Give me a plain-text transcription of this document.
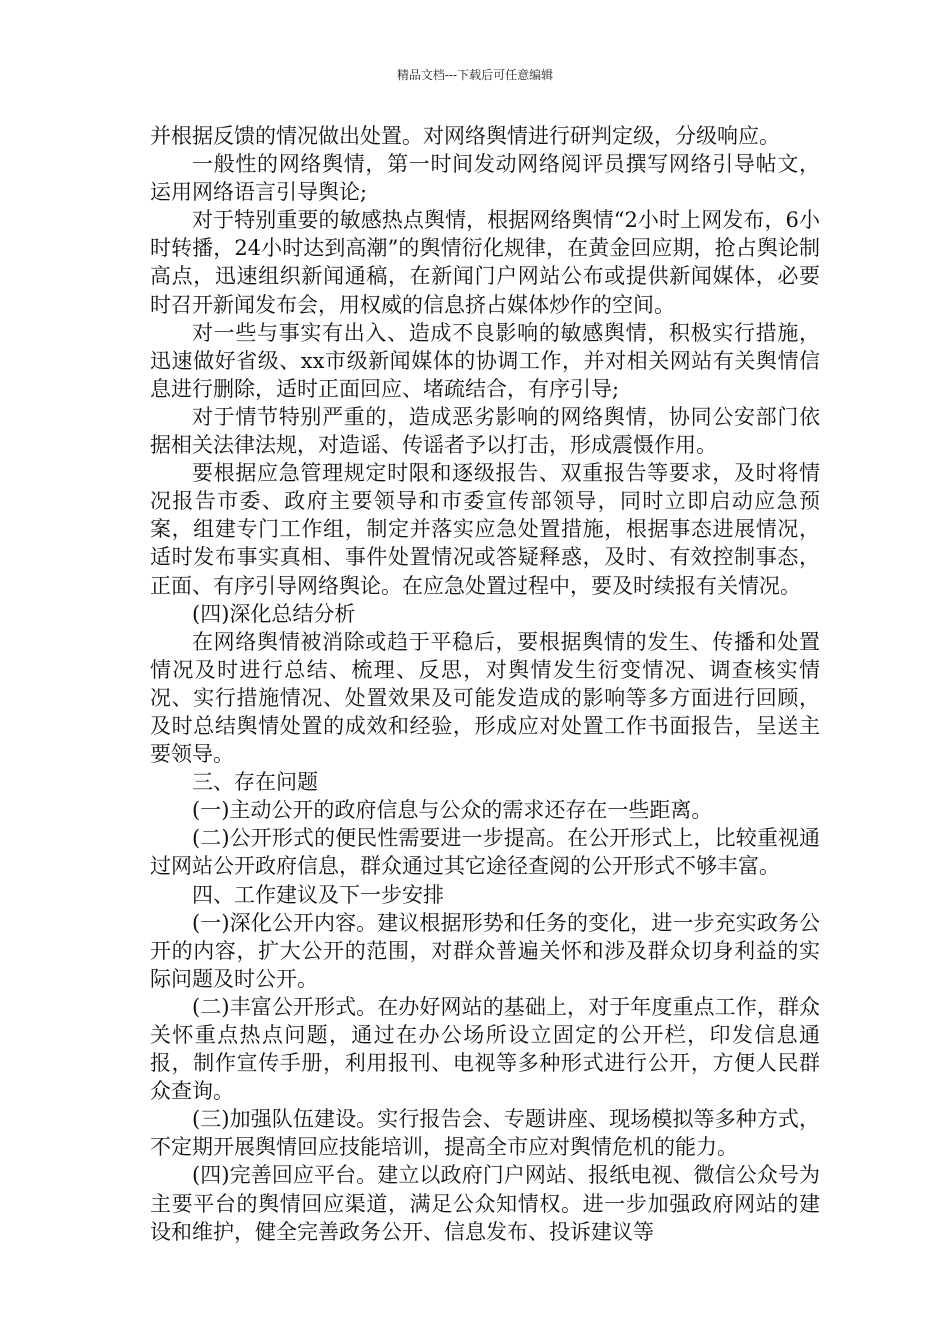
精品文档---下载后可任意编辑

并根据反馈的情况做出处置。对网络舆情进行研判定级，分级响应。

一般性的网络舆情，第一时间发动网络阅评员撰写网络引导帖文，运用网络语言引导舆论;

对于特别重要的敏感热点舆情，根据网络舆情“2小时上网发布，6小时转播，24小时达到高潮”的舆情衍化规律，在黄金回应期，抢占舆论制高点，迅速组织新闻通稿，在新闻门户网站公布或提供新闻媒体，必要时召开新闻发布会，用权威的信息挤占媒体炒作的空间。

对一些与事实有出入、造成不良影响的敏感舆情，积极实行措施，迅速做好省级、xx市级新闻媒体的协调工作，并对相关网站有关舆情信息进行删除，适时正面回应、堵疏结合，有序引导;

对于情节特别严重的，造成恶劣影响的网络舆情，协同公安部门依据相关法律法规，对造谣、传谣者予以打击，形成震慑作用。

要根据应急管理规定时限和逐级报告、双重报告等要求，及时将情况报告市委、政府主要领导和市委宣传部领导，同时立即启动应急预案，组建专门工作组，制定并落实应急处置措施，根据事态进展情况，适时发布事实真相、事件处置情况或答疑释惑，及时、有效控制事态，正面、有序引导网络舆论。在应急处置过程中，要及时续报有关情况。

(四)深化总结分析

在网络舆情被消除或趋于平稳后，要根据舆情的发生、传播和处置情况及时进行总结、梳理、反思，对舆情发生衍变情况、调查核实情况、实行措施情况、处置效果及可能发造成的影响等多方面进行回顾，及时总结舆情处置的成效和经验，形成应对处置工作书面报告，呈送主要领导。

三、存在问题

(一)主动公开的政府信息与公众的需求还存在一些距离。

(二)公开形式的便民性需要进一步提高。在公开形式上，比较重视通过网站公开政府信息，群众通过其它途径查阅的公开形式不够丰富。

四、工作建议及下一步安排

(一)深化公开内容。建议根据形势和任务的变化，进一步充实政务公开的内容，扩大公开的范围，对群众普遍关怀和涉及群众切身利益的实际问题及时公开。

(二)丰富公开形式。在办好网站的基础上，对于年度重点工作，群众关怀重点热点问题，通过在办公场所设立固定的公开栏，印发信息通报，制作宣传手册，利用报刊、电视等多种形式进行公开，方便人民群众查询。

(三)加强队伍建设。实行报告会、专题讲座、现场模拟等多种方式，不定期开展舆情回应技能培训，提高全市应对舆情危机的能力。

(四)完善回应平台。建立以政府门户网站、报纸电视、微信公众号为主要平台的舆情回应渠道，满足公众知情权。进一步加强政府网站的建设和维护，健全完善政务公开、信息发布、投诉建议等
